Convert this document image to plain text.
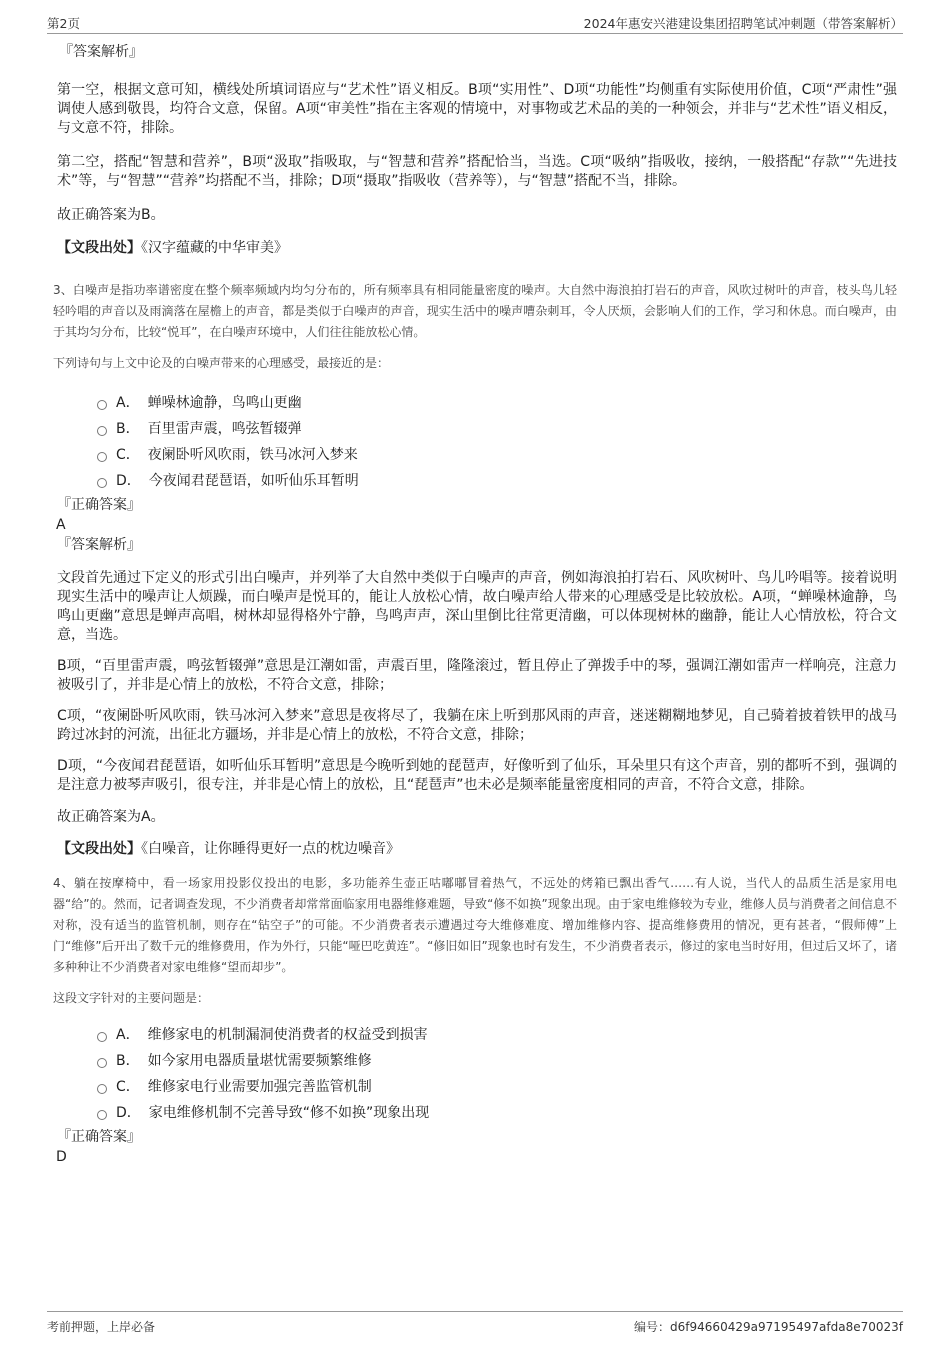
第2页	2024年惠安兴港建设集团招聘笔试冲刺题（带答案解析）
『答案解析』
第一空，根据文意可知，横线处所填词语应与“艺术性”语义相反。B项“实用性”、D项“功能性”均侧重有实际使用价值，C项“严肃性”强调使人感到敬畏，均符合文意，保留。A项“审美性”指在主客观的情境中，对事物或艺术品的美的一种领会，并非与“艺术性”语义相反，与文意不符，排除。
第二空，搭配“智慧和营养”，B项“汲取”指吸取，与“智慧和营养”搭配恰当，当选。C项“吸纳”指吸收，接纳，一般搭配“存款”“先进技术”等，与“智慧”“营养”均搭配不当，排除；D项“摄取”指吸收（营养等），与“智慧”搭配不当，排除。
故正确答案为B。
【文段出处】《汉字蕴藏的中华审美》
3、白噪声是指功率谱密度在整个频率频域内均匀分布的，所有频率具有相同能量密度的噪声。大自然中海浪拍打岩石的声音，风吹过树叶的声音，枝头鸟儿轻轻吟唱的声音以及雨滴落在屋檐上的声音，都是类似于白噪声的声音，现实生活中的噪声嘈杂刺耳，令人厌烦，会影响人们的工作，学习和休息。而白噪声，由于其均匀分布，比较“悦耳”，在白噪声环境中，人们往往能放松心情。
下列诗句与上文中论及的白噪声带来的心理感受，最接近的是：
A． 蝉噪林逾静，鸟鸣山更幽
B． 百里雷声震，鸣弦暂辍弹
C． 夜阑卧听风吹雨，铁马冰河入梦来
D． 今夜闻君琵琶语，如听仙乐耳暂明
『正确答案』
A
『答案解析』
文段首先通过下定义的形式引出白噪声，并列举了大自然中类似于白噪声的声音，例如海浪拍打岩石、风吹树叶、鸟儿吟唱等。接着说明现实生活中的噪声让人烦躁，而白噪声是悦耳的，能让人放松心情，故白噪声给人带来的心理感受是比较放松。A项，“蝉噪林逾静，鸟鸣山更幽”意思是蝉声高唱，树林却显得格外宁静，鸟鸣声声，深山里倒比往常更清幽，可以体现树林的幽静，能让人心情放松，符合文意，当选。
B项，“百里雷声震，鸣弦暂辍弹”意思是江潮如雷，声震百里，隆隆滚过，暂且停止了弹拨手中的琴，强调江潮如雷声一样响亮，注意力被吸引了，并非是心情上的放松，不符合文意，排除；
C项，“夜阑卧听风吹雨，铁马冰河入梦来”意思是夜将尽了，我躺在床上听到那风雨的声音，迷迷糊糊地梦见，自己骑着披着铁甲的战马跨过冰封的河流，出征北方疆场，并非是心情上的放松，不符合文意，排除；
D项，“今夜闻君琵琶语，如听仙乐耳暂明”意思是今晚听到她的琵琶声，好像听到了仙乐，耳朵里只有这个声音，别的都听不到，强调的是注意力被琴声吸引，很专注，并非是心情上的放松，且“琵琶声”也未必是频率能量密度相同的声音，不符合文意，排除。
故正确答案为A。
【文段出处】《白噪音，让你睡得更好一点的枕边噪音》
4、躺在按摩椅中，看一场家用投影仪投出的电影，多功能养生壶正咕嘟嘟冒着热气，不远处的烤箱已飘出香气……有人说，当代人的品质生活是家用电器“给”的。然而，记者调查发现，不少消费者却常常面临家用电器维修难题，导致“修不如换”现象出现。由于家电维修较为专业，维修人员与消费者之间信息不对称，没有适当的监管机制，则存在“钻空子”的可能。不少消费者表示遭遇过夸大维修难度、增加维修内容、提高维修费用的情况，更有甚者，“假师傅”上门“维修”后开出了数千元的维修费用，作为外行，只能“哑巴吃黄连”。“修旧如旧”现象也时有发生，不少消费者表示，修过的家电当时好用，但过后又坏了，诸多种种让不少消费者对家电维修“望而却步”。
这段文字针对的主要问题是：
A． 维修家电的机制漏洞使消费者的权益受到损害
B． 如今家用电器质量堪忧需要频繁维修
C． 维修家电行业需要加强完善监管机制
D． 家电维修机制不完善导致“修不如换”现象出现
『正确答案』
D
考前押题，上岸必备	编号：d6f94660429a97195497afda8e70023f
